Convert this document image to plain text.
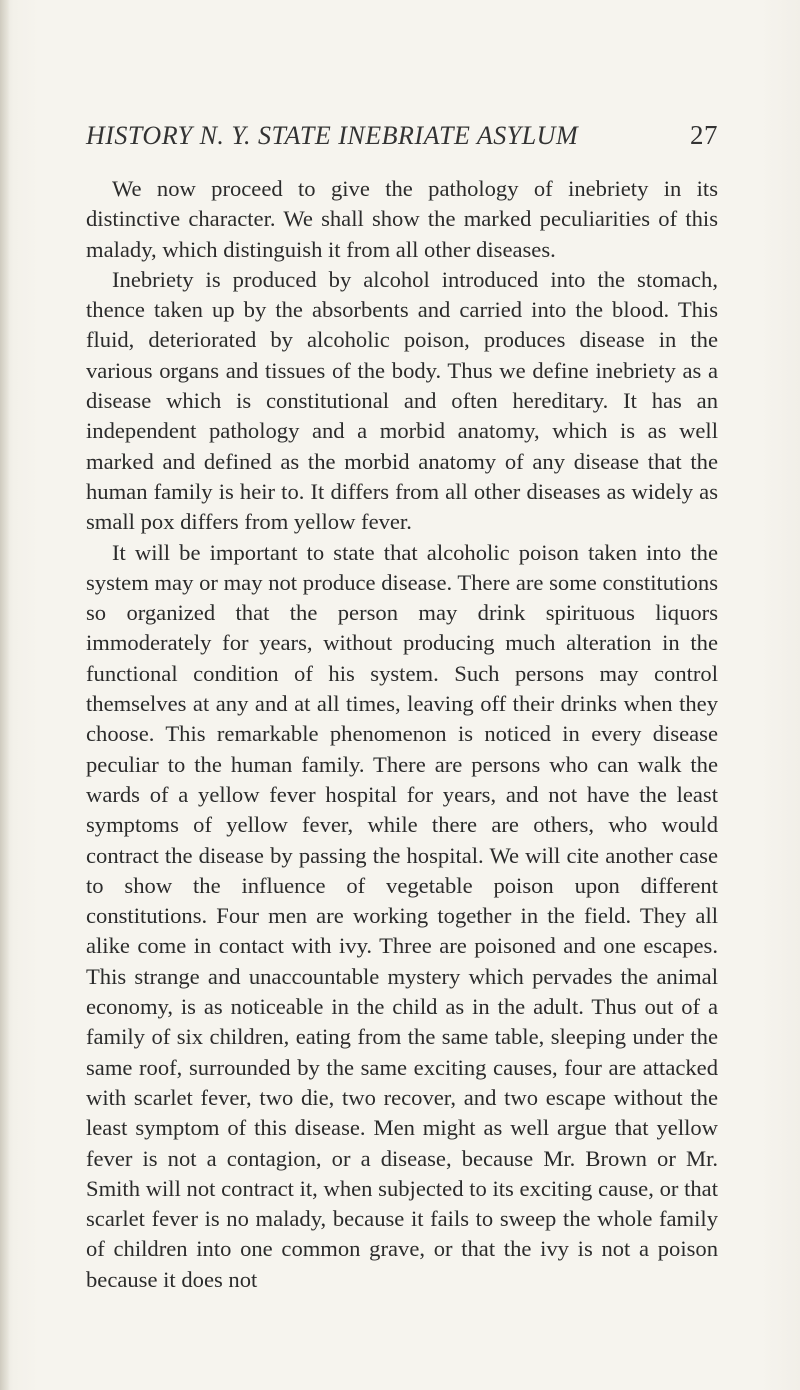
HISTORY N. Y. STATE INEBRIATE ASYLUM	27

We now proceed to give the pathology of inebriety in its distinctive character. We shall show the marked peculiarities of this malady, which distinguish it from all other diseases.

Inebriety is produced by alcohol introduced into the stomach, thence taken up by the absorbents and carried into the blood. This fluid, deteriorated by alcoholic poison, produces disease in the various organs and tissues of the body. Thus we define inebriety as a disease which is constitutional and often hereditary. It has an independent pathology and a morbid anatomy, which is as well marked and defined as the morbid anatomy of any disease that the human family is heir to. It differs from all other diseases as widely as small pox differs from yellow fever.

It will be important to state that alcoholic poison taken into the system may or may not produce disease. There are some constitutions so organized that the person may drink spirituous liquors immoderately for years, without producing much alteration in the functional condition of his system. Such persons may control themselves at any and at all times, leaving off their drinks when they choose. This remarkable phenomenon is noticed in every disease peculiar to the human family. There are persons who can walk the wards of a yellow fever hospital for years, and not have the least symptoms of yellow fever, while there are others, who would contract the disease by passing the hospital. We will cite another case to show the influence of vegetable poison upon different constitutions. Four men are working together in the field. They all alike come in contact with ivy. Three are poisoned and one escapes. This strange and unaccountable mystery which pervades the animal economy, is as noticeable in the child as in the adult. Thus out of a family of six children, eating from the same table, sleeping under the same roof, surrounded by the same exciting causes, four are attacked with scarlet fever, two die, two recover, and two escape without the least symptom of this disease. Men might as well argue that yellow fever is not a contagion, or a disease, because Mr. Brown or Mr. Smith will not contract it, when subjected to its exciting cause, or that scarlet fever is no malady, because it fails to sweep the whole family of children into one common grave, or that the ivy is not a poison because it does not
